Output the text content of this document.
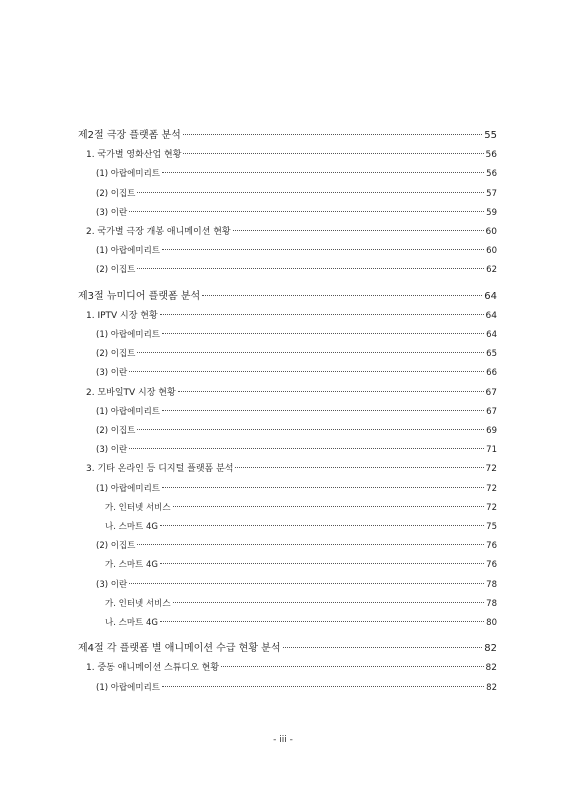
제2절 극장 플랫폼 분석	55
1. 국가별 영화산업 현황	56
(1) 아랍에미리트	56
(2) 이집트	57
(3) 이란	59
2. 국가별 극장 개봉 애니메이션 현황	60
(1) 아랍에미리트	60
(2) 이집트	62
제3절 뉴미디어 플랫폼 분석	64
1. IPTV 시장 현황	64
(1) 아랍에미리트	64
(2) 이집트	65
(3) 이란	66
2. 모바일TV 시장 현황	67
(1) 아랍에미리트	67
(2) 이집트	69
(3) 이란	71
3. 기타 온라인 등 디지털 플랫폼 분석	72
(1) 아랍에미리트	72
가. 인터넷 서비스	72
나. 스마트 4G	75
(2) 이집트	76
가. 스마트 4G	76
(3) 이란	78
가. 인터넷 서비스	78
나. 스마트 4G	80
제4절 각 플랫폼 별 애니메이션 수급 현황 분석	82
1. 중동 애니메이션 스튜디오 현황	82
(1) 아랍에미리트	82
- iii -
